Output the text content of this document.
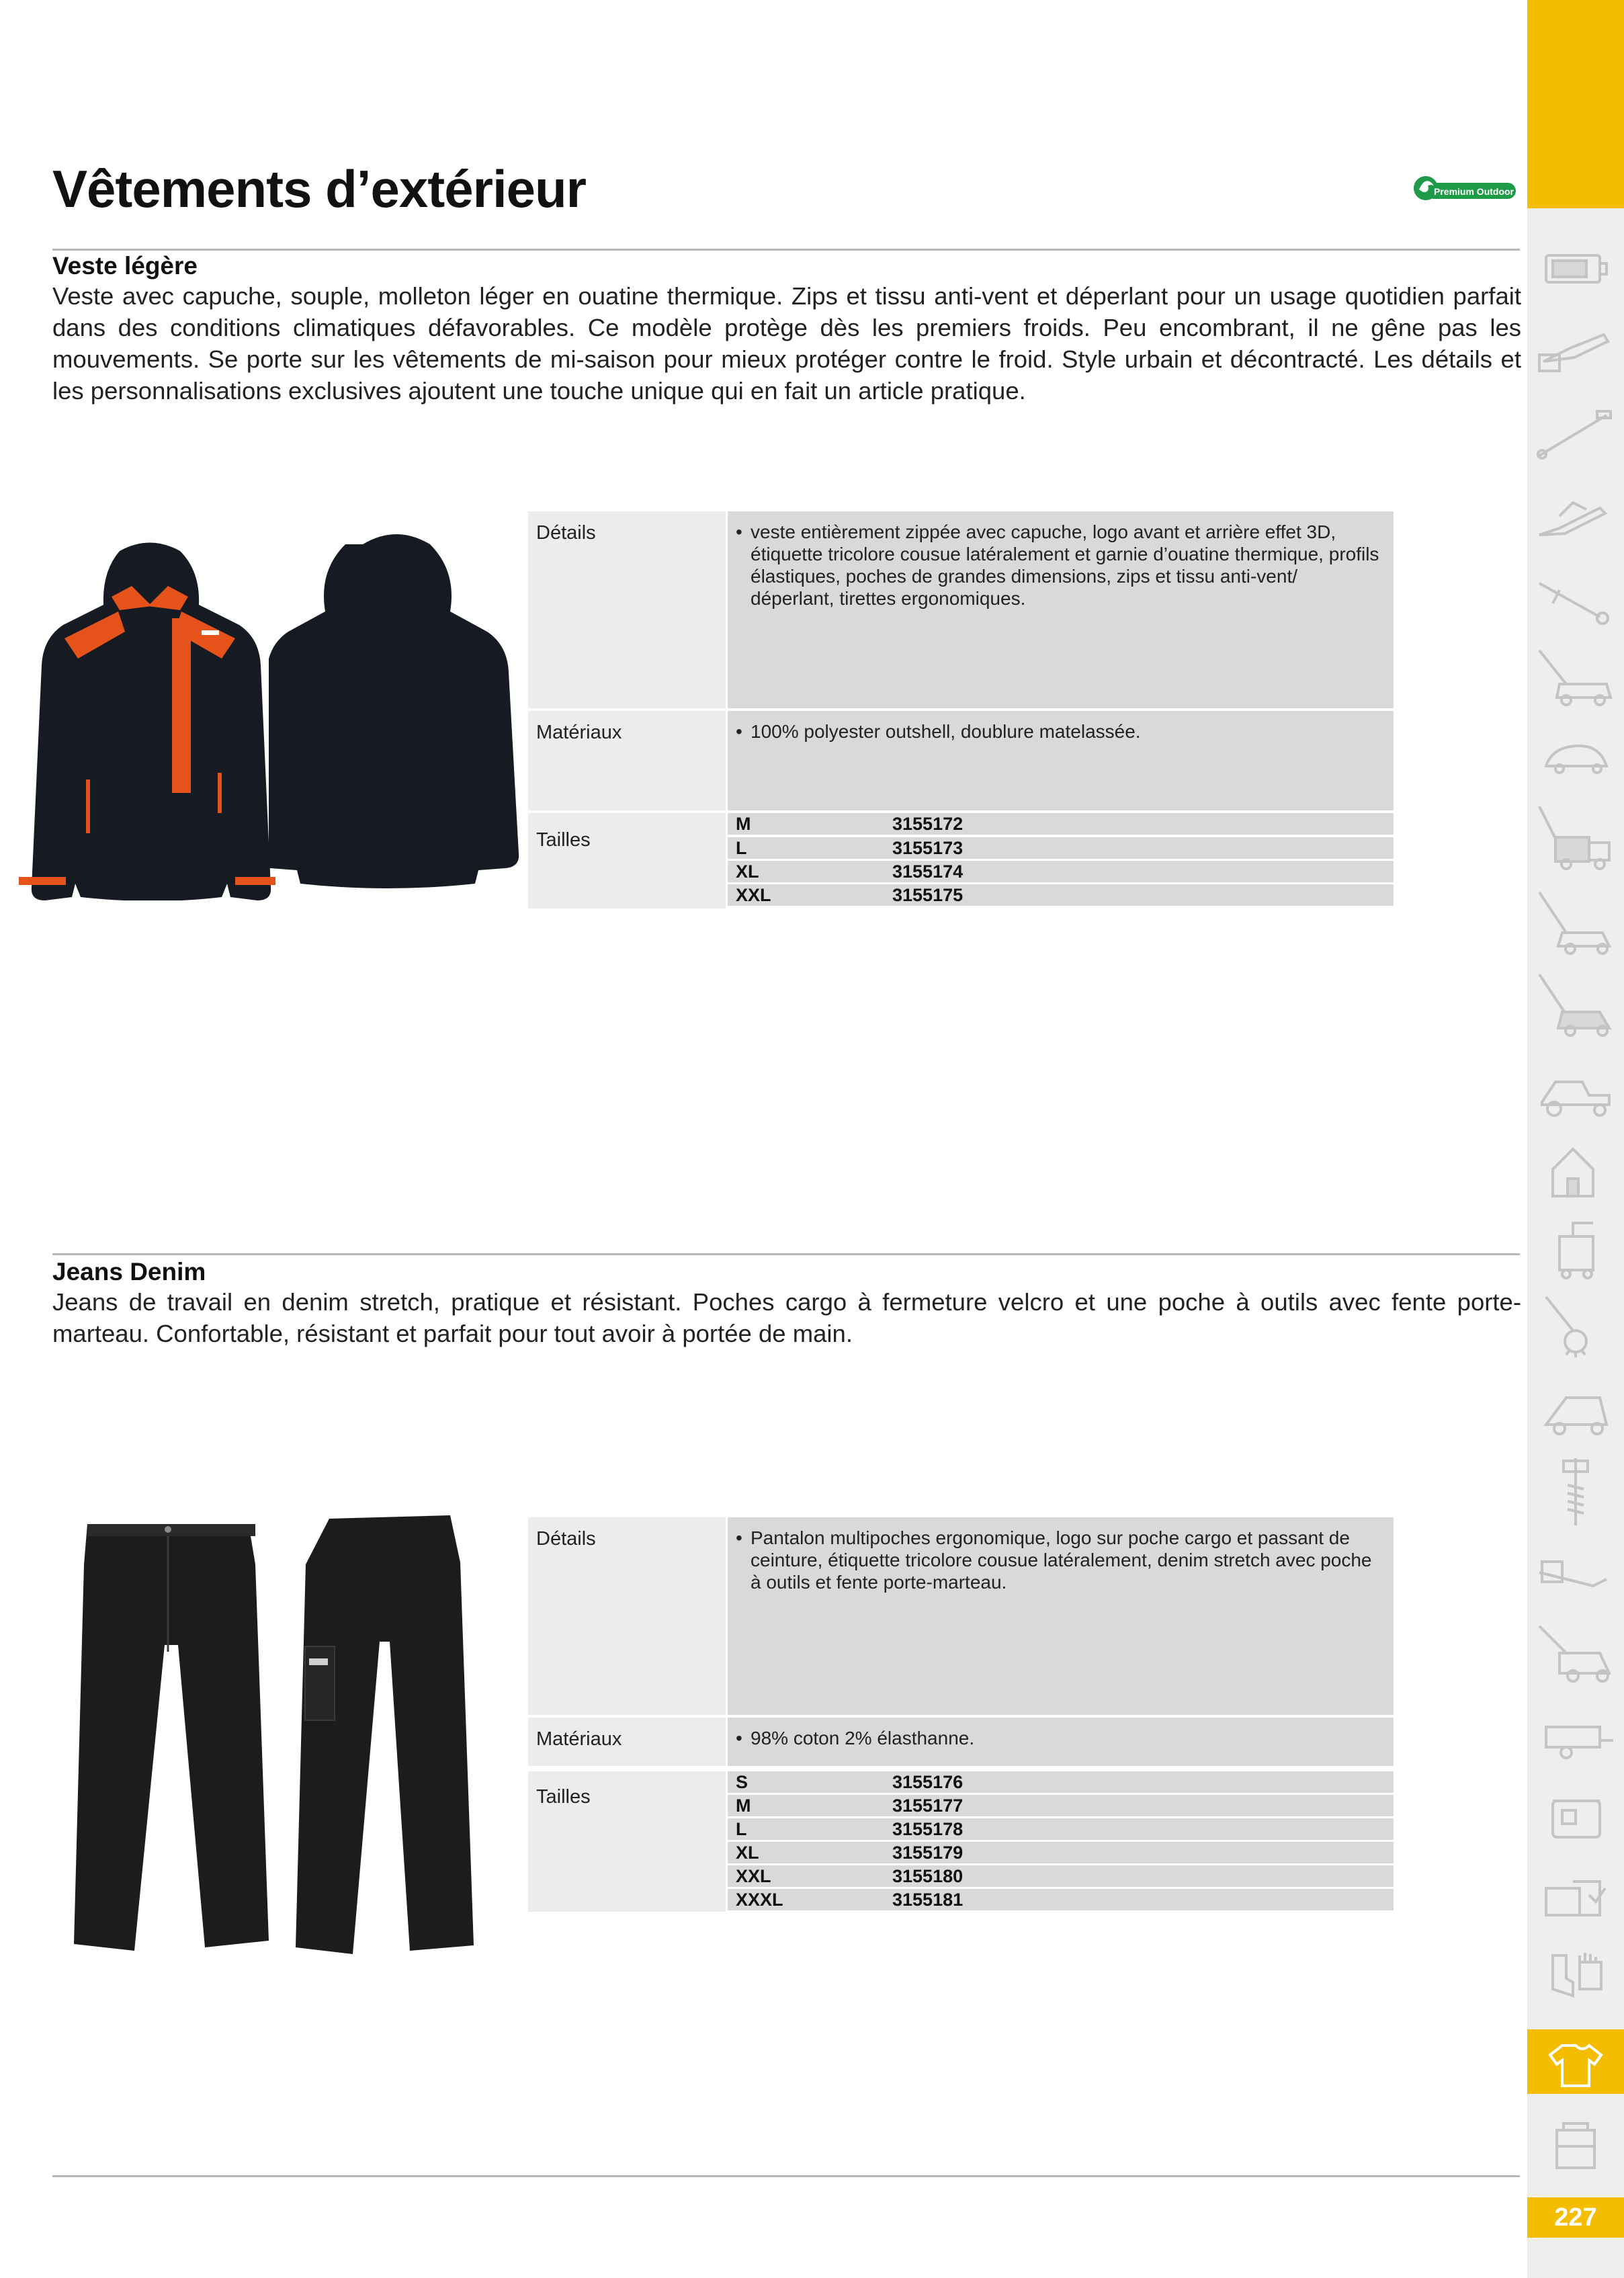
Vêtements d’extérieur	Premium Outdoor
Veste légère
Veste avec capuche, souple, molleton léger en ouatine thermique. Zips et tissu anti-vent et déperlant pour un usage quotidien parfait dans des conditions climatiques défavorables. Ce modèle protège dès les premiers froids. Peu encombrant, il ne gêne pas les mouvements. Se porte sur les vêtements de mi-saison pour mieux protéger contre le froid. Style urbain et décontracté. Les détails et les personnalisations exclusives ajoutent une touche unique qui en fait un article pratique.
Détails	• veste entièrement zippée avec capuche, logo avant et arrière effet 3D, étiquette tricolore cousue latéralement et garnie d’ouatine thermique, profils élastiques, poches de grandes dimensions, zips et tissu anti-vent/ déperlant, tirettes ergonomiques.
Matériaux	• 100% polyester outshell, doublure matelassée.
Tailles
M	3155172
L	3155173
XL	3155174
XXL	3155175
Jeans Denim
Jeans de travail en denim stretch, pratique et résistant. Poches cargo à fermeture velcro et une poche à outils avec fente porte-marteau. Confortable, résistant et parfait pour tout avoir à portée de main.
Détails	• Pantalon multipoches ergonomique, logo sur poche cargo et passant de ceinture, étiquette tricolore cousue latéralement, denim stretch avec poche à outils et fente porte-marteau.
Matériaux	• 98% coton 2% élasthanne.
Tailles
S	3155176
M	3155177
L	3155178
XL	3155179
XXL	3155180
XXXL	3155181
227
